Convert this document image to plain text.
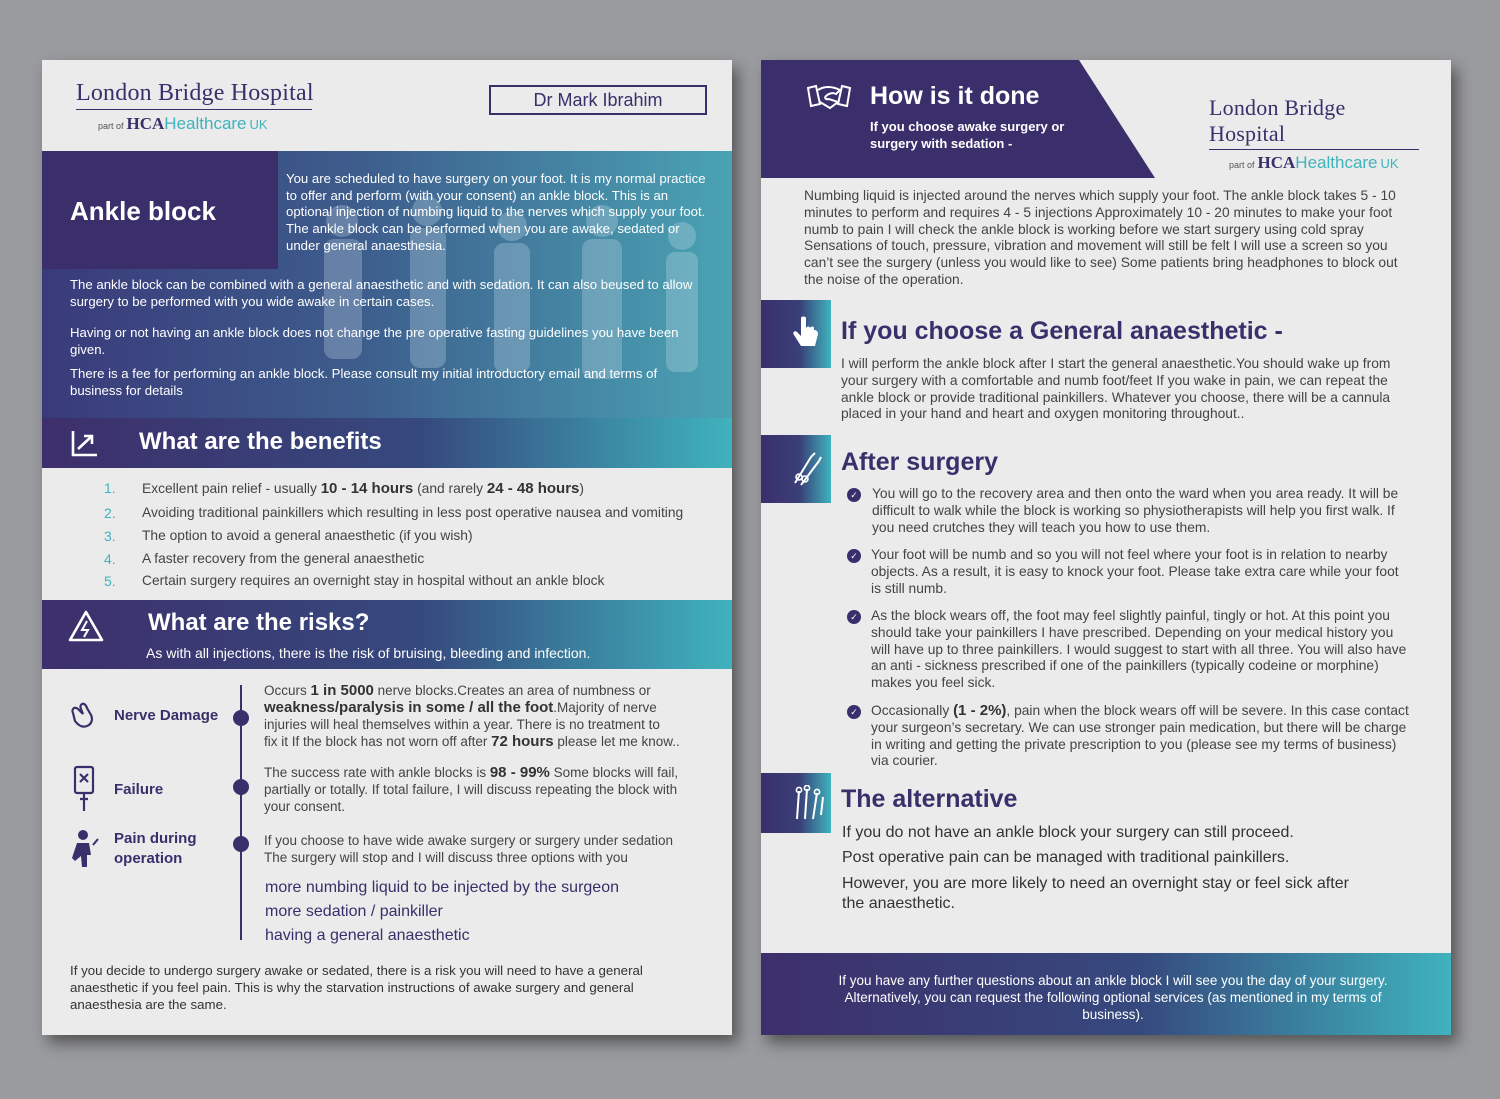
London Bridge Hospital
part of HCAHealthcare UK
Dr Mark Ibrahim
Ankle block
You are scheduled to have surgery on your foot. It is my normal practice to offer and perform (with your consent) an ankle block. This is an optional injection of numbing liquid to the nerves which supply your foot. The ankle block can be performed when you are awake, sedated or under general anaesthesia.
The ankle block can be combined with a general anaesthetic and with sedation. It can also beused to allow surgery to be performed with you wide awake in certain cases.
Having or not having an ankle block does not change the pre operative fasting guidelines you have been given.
There is a fee for performing an ankle block. Please consult my initial introductory email and terms of business for details
What are the benefits
1. Excellent pain relief - usually 10 - 14 hours (and rarely 24 - 48 hours)
2. Avoiding traditional painkillers which resulting in less post operative nausea and vomiting
3. The option to avoid a general anaesthetic (if you wish)
4. A faster recovery from the general anaesthetic
5. Certain surgery requires an overnight stay in hospital without an ankle block
What are the risks?
As with all injections, there is the risk of bruising, bleeding and infection.
Nerve Damage
Occurs 1 in 5000 nerve blocks.Creates an area of numbness or
weakness/paralysis in some / all the foot.Majority of nerve
injuries will heal themselves within a year. There is no treatment to
fix it If the block has not worn off after 72 hours please let me know..
Failure
The success rate with ankle blocks is 98 - 99% Some blocks will fail,
partially or totally. If total failure, I will discuss repeating the block with
your consent.
Pain during
operation
If you choose to have wide awake surgery or surgery under sedation
The surgery will stop and I will discuss three options with you
more numbing liquid to be injected by the surgeon
more sedation / painkiller
having a general anaesthetic
If you decide to undergo surgery awake or sedated, there is a risk you will need to have a general anaesthetic if you feel pain. This is why the starvation instructions of awake surgery and general anaesthesia are the same.
How is it done
If you choose awake surgery or surgery with sedation -
London Bridge Hospital
part of HCAHealthcare UK
Numbing liquid is injected around the nerves which supply your foot. The ankle block takes 5 - 10 minutes to perform and requires 4 - 5 injections Approximately 10 - 20 minutes to make your foot numb to pain I will check the ankle block is working before we start surgery using cold spray Sensations of touch, pressure, vibration and movement will still be felt I will use a screen so you can’t see the surgery (unless you would like to see) Some patients bring headphones to block out the noise of the operation.
If you choose a General anaesthetic -
I will perform the ankle block after I start the general anaesthetic.You should wake up from your surgery with a comfortable and numb foot/feet If you wake in pain, we can repeat the ankle block or provide traditional painkillers. Whatever you choose, there will be a cannula placed in your hand and heart and oxygen monitoring throughout..
After surgery
✓ You will go to the recovery area and then onto the ward when you area ready. It will be difficult to walk while the block is working so physiotherapists will help you first walk. If you need crutches they will teach you how to use them.
✓ Your foot will be numb and so you will not feel where your foot is in relation to nearby objects. As a result, it is easy to knock your foot. Please take extra care while your foot is still numb.
✓ As the block wears off, the foot may feel slightly painful, tingly or hot. At this point you should take your painkillers I have prescribed. Depending on your medical history you will have up to three painkillers. I would suggest to start with all three. You will also have an anti - sickness prescribed if one of the painkillers (typically codeine or morphine) makes you feel sick.
✓ Occasionally (1 - 2%), pain when the block wears off will be severe. In this case contact your surgeon’s secretary. We can use stronger pain medication, but there will be charge in writing and getting the private prescription to you (please see my terms of business) via courier.
The alternative
If you do not have an ankle block your surgery can still proceed.
Post operative pain can be managed with traditional painkillers.
However, you are more likely to need an overnight stay or feel sick after the anaesthetic.
If you have any further questions about an ankle block I will see you the day of your surgery. Alternatively, you can request the following optional services (as mentioned in my terms of business).
